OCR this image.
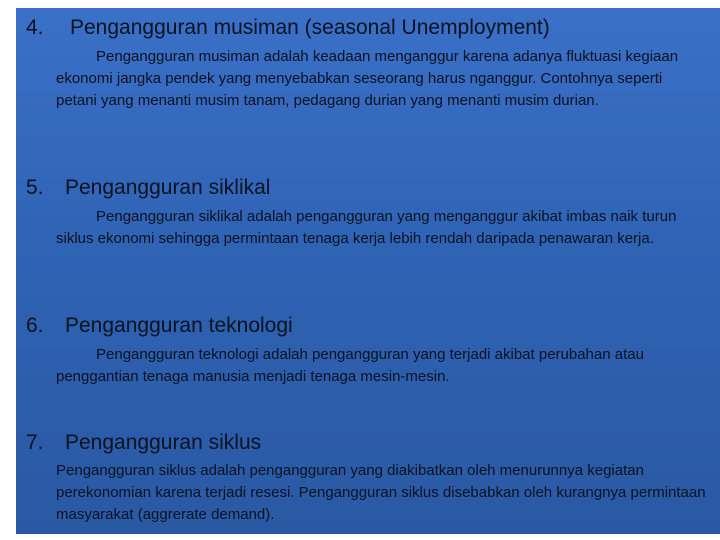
4. Pengangguran musiman (seasonal Unemployment)
Pengangguran musiman adalah keadaan menganggur karena adanya fluktuasi kegiaan ekonomi jangka pendek yang menyebabkan seseorang harus nganggur. Contohnya seperti petani yang menanti musim tanam, pedagang durian yang menanti musim durian.
5. Pengangguran siklikal
Pengangguran siklikal adalah pengangguran yang menganggur akibat imbas naik turun siklus ekonomi sehingga permintaan tenaga kerja lebih rendah daripada penawaran kerja.
6. Pengangguran teknologi
Pengangguran teknologi adalah pengangguran yang terjadi akibat perubahan atau penggantian tenaga manusia menjadi tenaga mesin-mesin.
7. Pengangguran siklus
Pengangguran siklus adalah pengangguran yang diakibatkan oleh menurunnya kegiatan perekonomian karena terjadi resesi. Pengangguran siklus disebabkan oleh kurangnya permintaan masyarakat (aggrerate demand).
